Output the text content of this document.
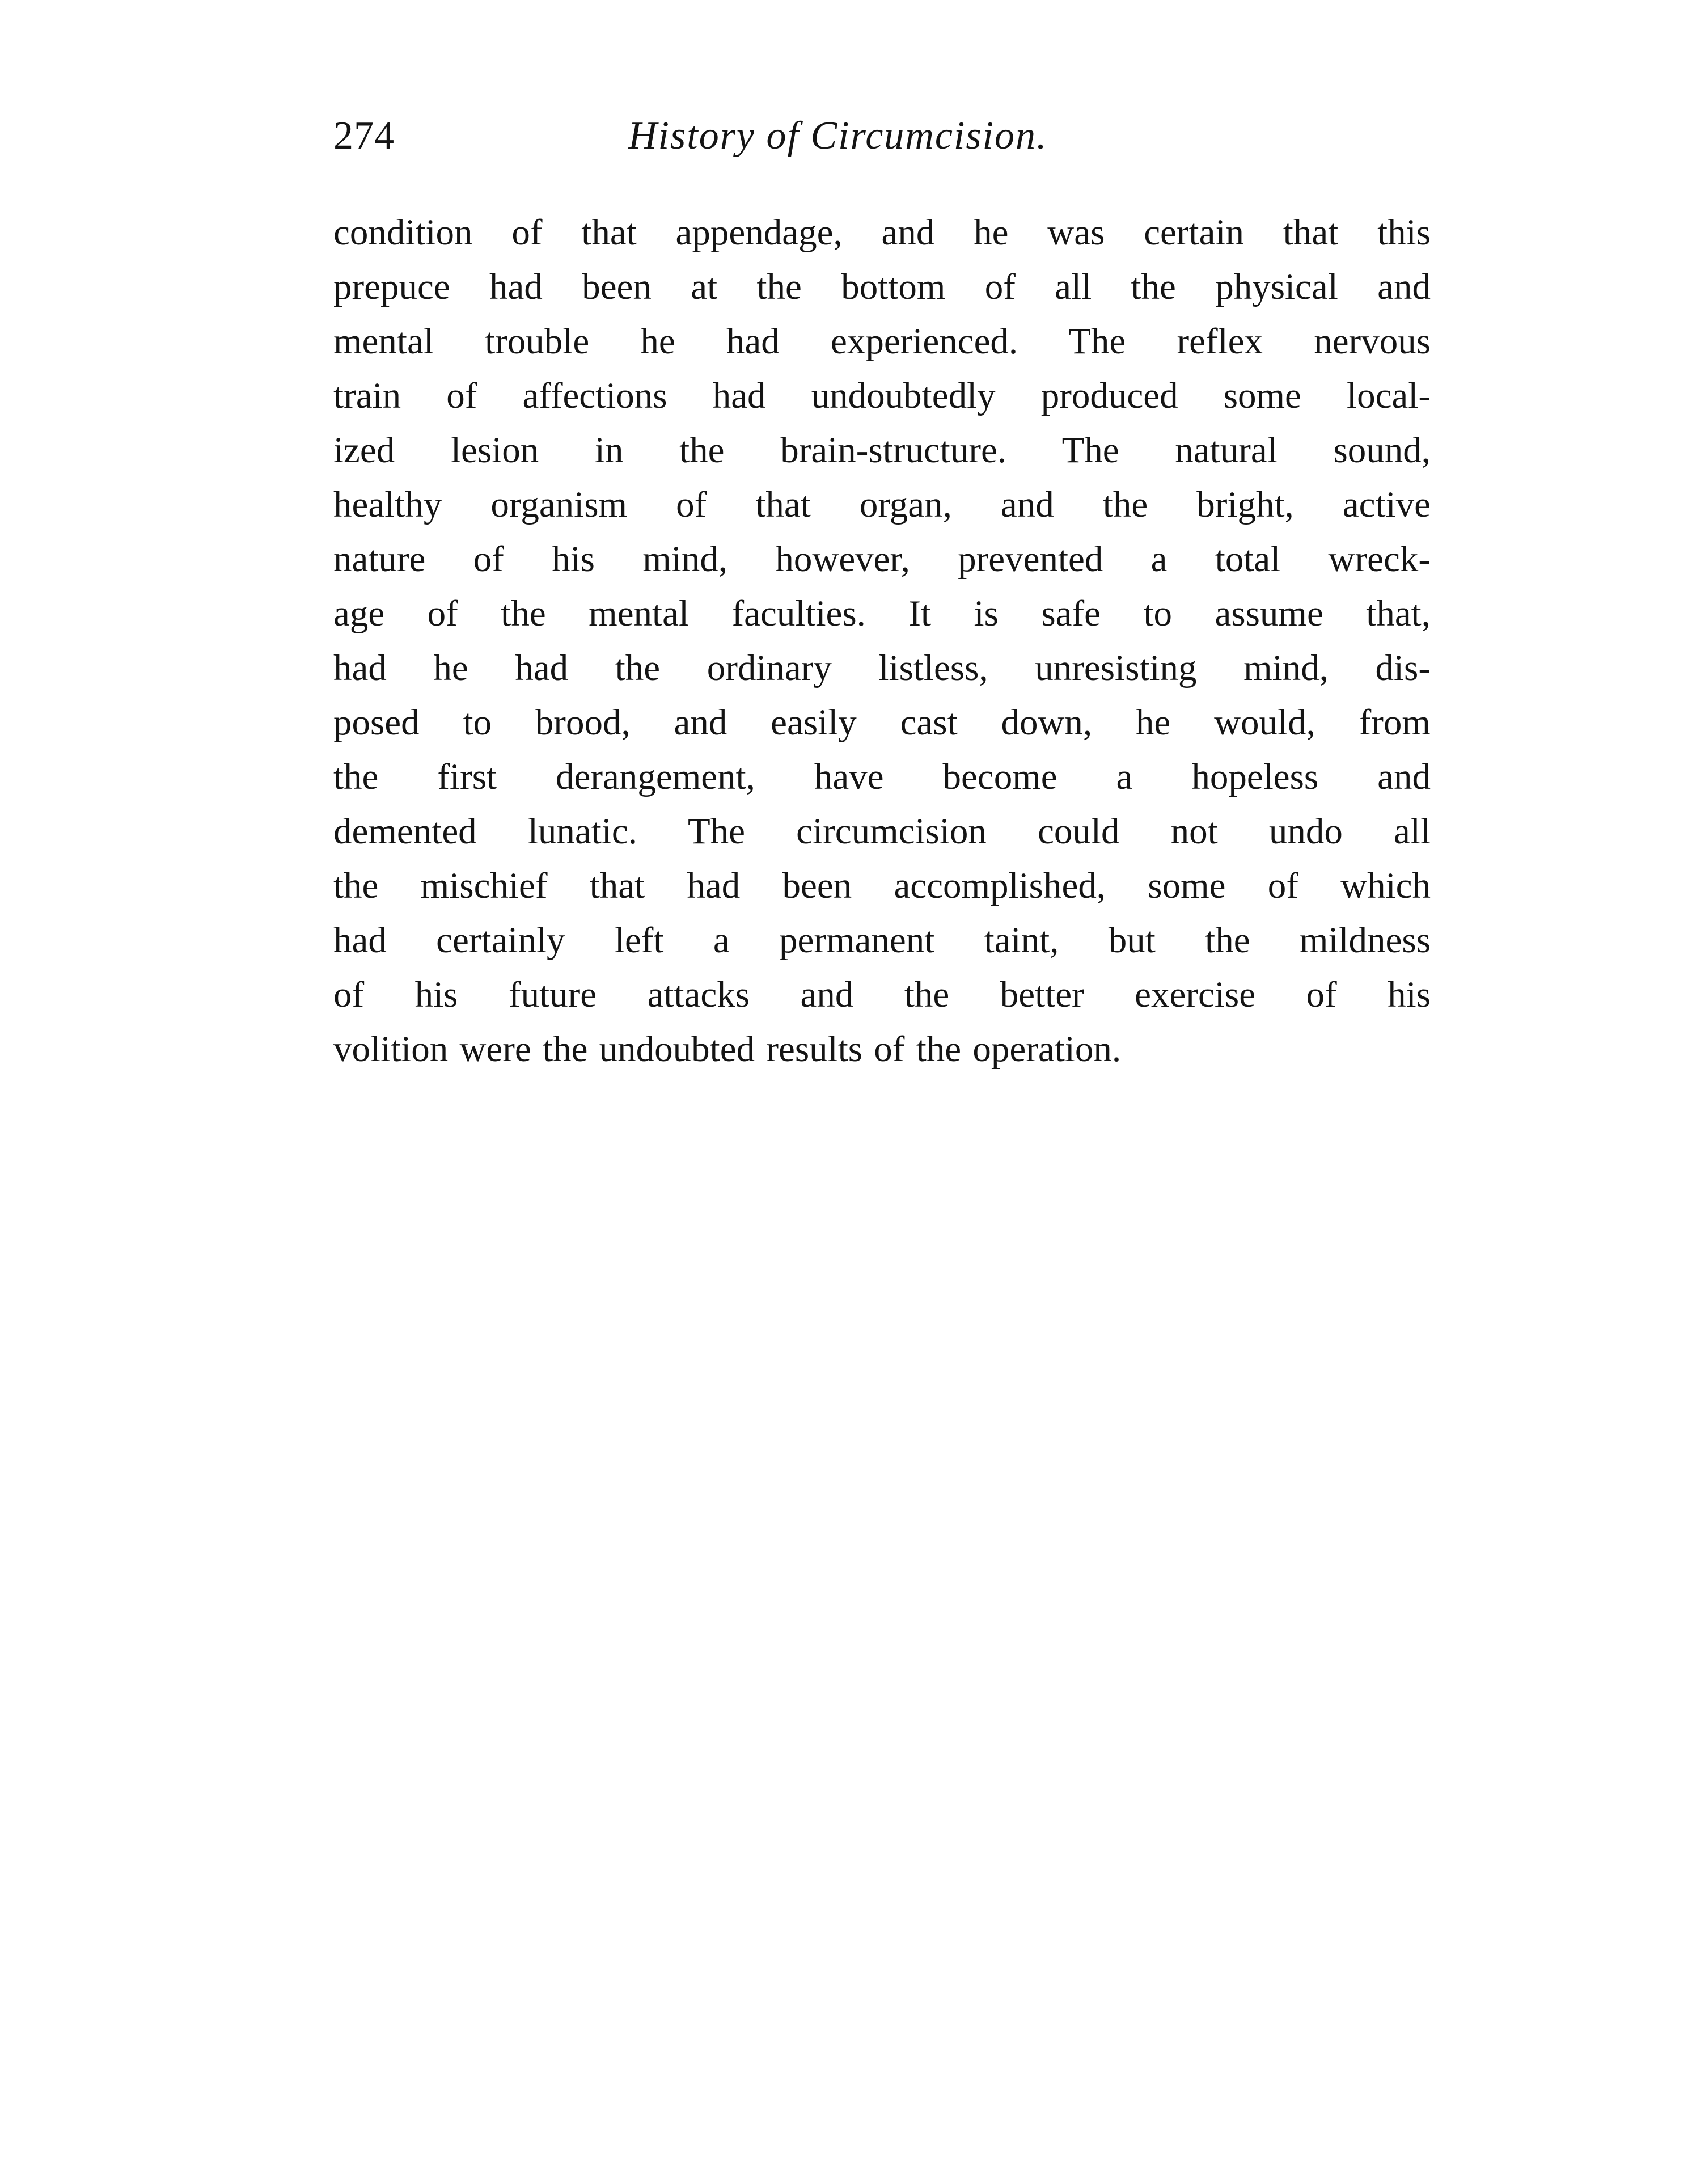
274	History of Circumcision.
condition of that appendage, and he was certain that this
prepuce had been at the bottom of all the physical and
mental trouble he had experienced. The reflex nervous
train of affections had undoubtedly produced some local-
ized lesion in the brain-structure. The natural sound,
healthy organism of that organ, and the bright, active
nature of his mind, however, prevented a total wreck-
age of the mental faculties. It is safe to assume that,
had he had the ordinary listless, unresisting mind, dis-
posed to brood, and easily cast down, he would, from
the first derangement, have become a hopeless and
demented lunatic. The circumcision could not undo all
the mischief that had been accomplished, some of which
had certainly left a permanent taint, but the mildness
of his future attacks and the better exercise of his
volition were the undoubted results of the operation.
